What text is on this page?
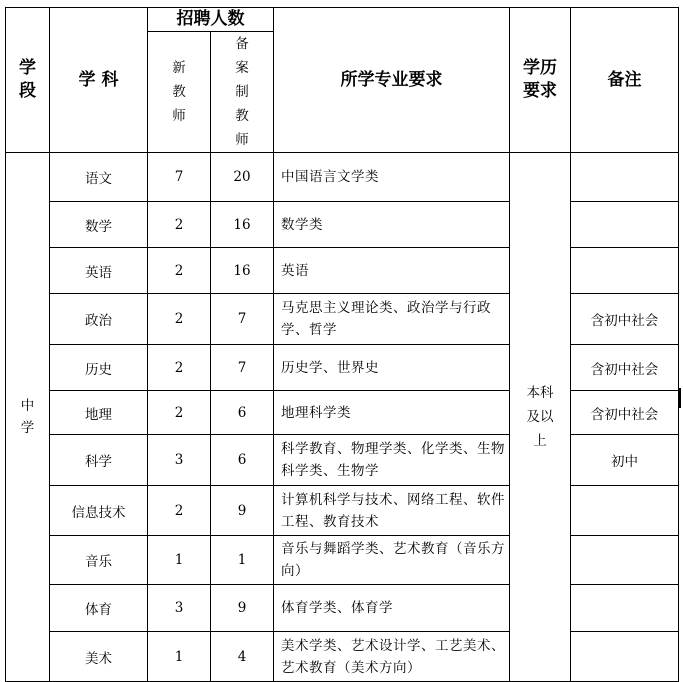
学段	学 科	招聘人数		所学专业要求	学历要求	备注
		新教师	备案制教师			
中学	语文	7	20	中国语言文学类	本科及以上	
	数学	2	16	数学类		
	英语	2	16	英语		
	政治	2	7	马克思主义理论类、政治学与行政学、哲学		含初中社会
	历史	2	7	历史学、世界史		含初中社会
	地理	2	6	地理科学类		含初中社会
	科学	3	6	科学教育、物理学类、化学类、生物科学类、生物学		初中
	信息技术	2	9	计算机科学与技术、网络工程、软件工程、教育技术		
	音乐	1	1	音乐与舞蹈学类、艺术教育（音乐方向）		
	体育	3	9	体育学类、体育学		
	美术	1	4	美术学类、艺术设计学、工艺美术、艺术教育（美术方向）		
